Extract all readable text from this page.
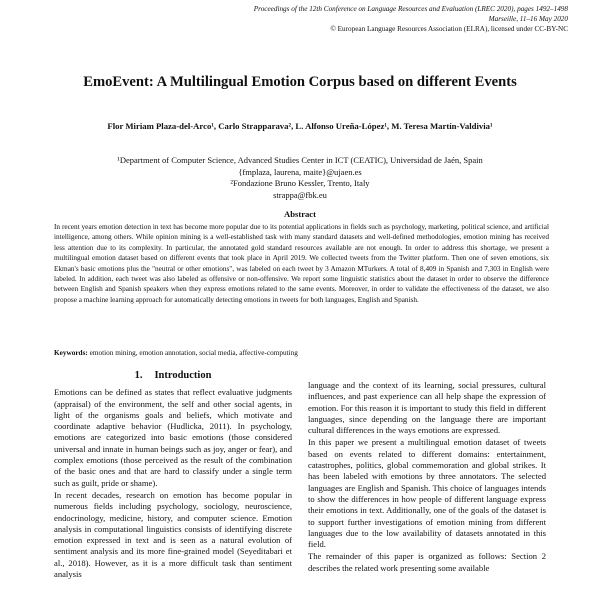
Proceedings of the 12th Conference on Language Resources and Evaluation (LREC 2020), pages 1492–1498
Marseille, 11–16 May 2020
© European Language Resources Association (ELRA), licensed under CC-BY-NC
EmoEvent: A Multilingual Emotion Corpus based on different Events
Flor Miriam Plaza-del-Arco¹, Carlo Strapparava², L. Alfonso Ureña-López¹, M. Teresa Martín-Valdivia¹
¹Department of Computer Science, Advanced Studies Center in ICT (CEATIC), Universidad de Jaén, Spain
{fmplaza, laurena, maite}@ujaen.es
²Fondazione Bruno Kessler, Trento, Italy
strappa@fbk.eu
Abstract

In recent years emotion detection in text has become more popular due to its potential applications in fields such as psychology, marketing, political science, and artificial intelligence, among others. While opinion mining is a well-established task with many standard datasets and well-defined methodologies, emotion mining has received less attention due to its complexity. In particular, the annotated gold standard resources available are not enough. In order to address this shortage, we present a multilingual emotion dataset based on different events that took place in April 2019. We collected tweets from the Twitter platform. Then one of seven emotions, six Ekman's basic emotions plus the "neutral or other emotions", was labeled on each tweet by 3 Amazon MTurkers. A total of 8,409 in Spanish and 7,303 in English were labeled. In addition, each tweet was also labeled as offensive or non-offensive. We report some linguistic statistics about the dataset in order to observe the difference between English and Spanish speakers when they express emotions related to the same events. Moreover, in order to validate the effectiveness of the dataset, we also propose a machine learning approach for automatically detecting emotions in tweets for both languages, English and Spanish.

Keywords: emotion mining, emotion annotation, social media, affective-computing
1. Introduction

Emotions can be defined as states that reflect evaluative judgments (appraisal) of the environment, the self and other social agents, in light of the organisms goals and beliefs, which motivate and coordinate adaptive behavior (Hudlicka, 2011). In psychology, emotions are categorized into basic emotions (those considered universal and innate in human beings such as joy, anger or fear), and complex emotions (those perceived as the result of the combination of the basic ones and that are hard to classify under a single term such as guilt, pride or shame).

In recent decades, research on emotion has become popular in numerous fields including psychology, sociology, neuroscience, endocrinology, medicine, history, and computer science. Emotion analysis in computational linguistics consists of identifying discrete emotion expressed in text and is seen as a natural evolution of sentiment analysis and its more fine-grained model (Seyeditabari et al., 2018). However, as it is a more difficult task than sentiment analysis

language and the context of its learning, social pressures, cultural influences, and past experience can all help shape the expression of emotion. For this reason it is important to study this field in different languages, since depending on the language there are important cultural differences in the ways emotions are expressed.

In this paper we present a multilingual emotion dataset of tweets based on events related to different domains: entertainment, catastrophes, politics, global commemoration and global strikes. It has been labeled with emotions by three annotators. The selected languages are English and Spanish. This choice of languages intends to show the differences in how people of different language express their emotions in text. Additionally, one of the goals of the dataset is to support further investigations of emotion mining from different languages due to the low availability of datasets annotated in this field.

The remainder of this paper is organized as follows: Section 2 describes the related work presenting some available
